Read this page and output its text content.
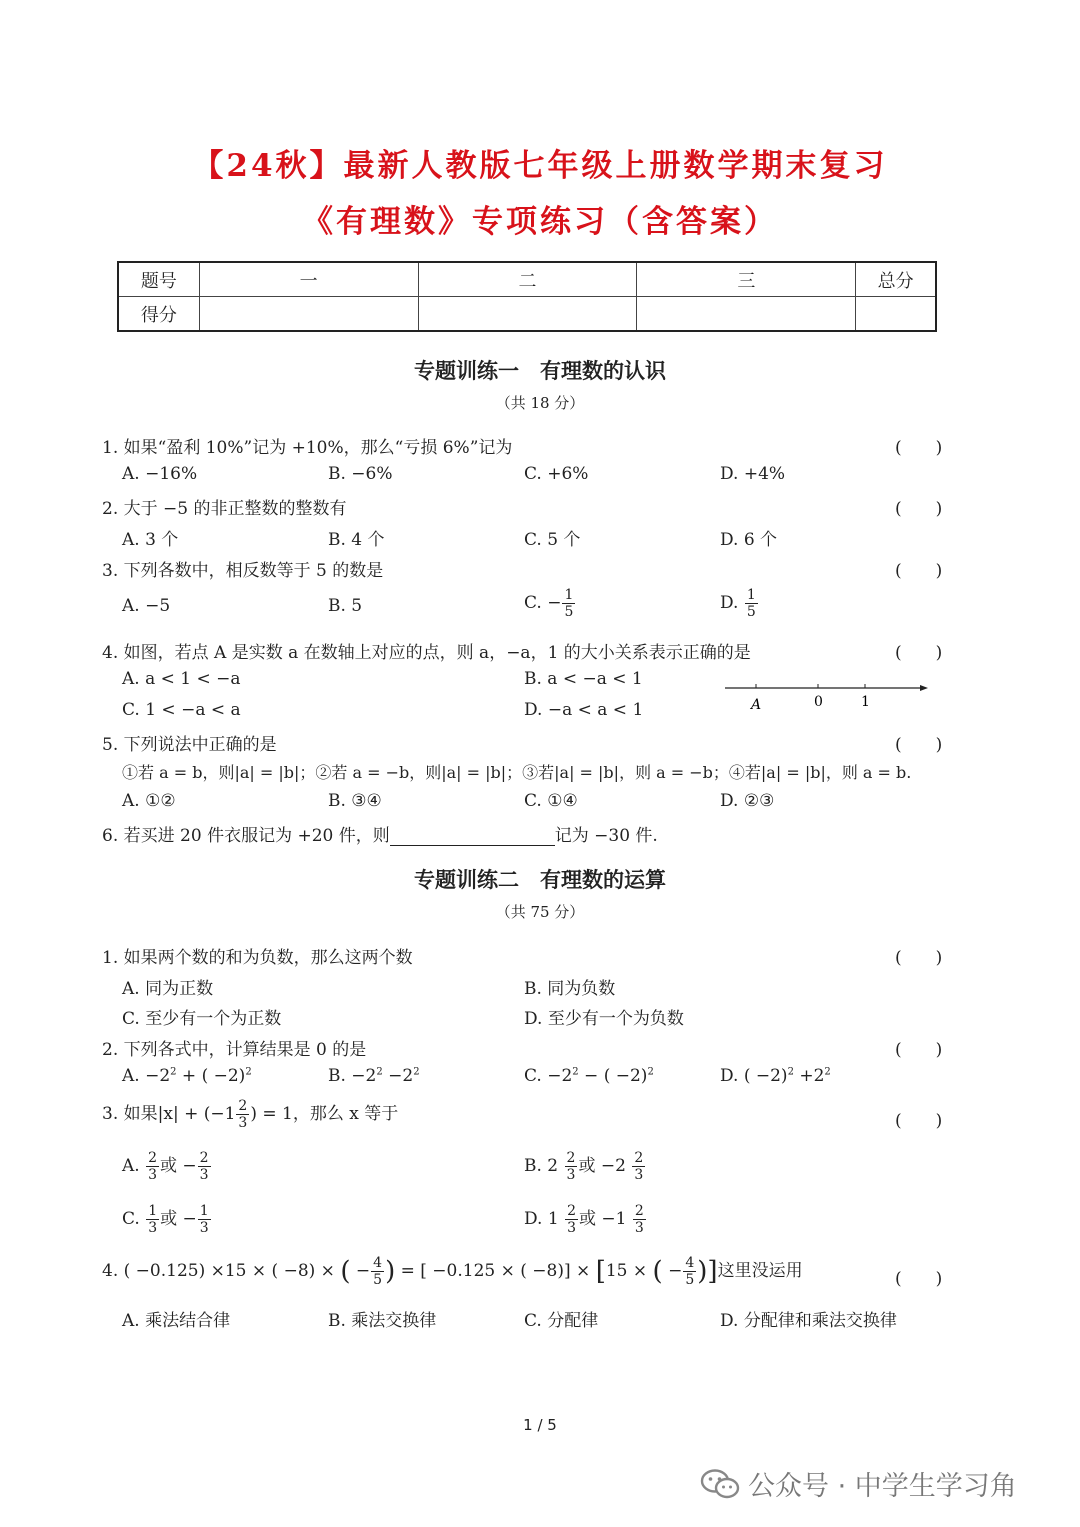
【24秋】最新人教版七年级上册数学期末复习
《有理数》专项练习（含答案）
题号	一	二	三	总分
得分				
专题训练一　有理数的认识
（共 18 分）
1. 如果“盈利 10%”记为 +10%，那么“亏损 6%”记为	(　　)
A. −16%	B. −6%	C. +6%	D. +4%
2. 大于 −5 的非正整数的整数有	(　　)
A. 3 个	B. 4 个	C. 5 个	D. 6 个
3. 下列各数中，相反数等于 5 的数是	(　　)
A. −5	B. 5	C. − $\frac{1}{5}$	D. $\frac{1}{5}$
4. 如图，若点 A 是实数 a 在数轴上对应的点，则 a，−a，1 的大小关系表示正确的是	(　　)
A. a < 1 < −a	B. a < −a < 1
C. 1 < −a < a	D. −a < a < 1	A	0	1
5. 下列说法中正确的是	(　　)
①若 a = b，则|a| = |b|；②若 a = −b，则|a| = |b|；③若|a| = |b|，则 a = −b；④若|a| = |b|，则 a = b.
A. ①②	B. ③④	C. ①④	D. ②③
6. 若买进 20 件衣服记为 +20 件，则	记为 −30 件.
专题训练二　有理数的运算
（共 75 分）
1. 如果两个数的和为负数，那么这两个数	(　　)
A. 同为正数	B. 同为负数
C. 至少有一个为正数	D. 至少有一个为负数
2. 下列各式中，计算结果是 0 的是	(　　)
A. $-2^2$ + ( −2)$^2$	B. $-2^2 -2^2$	C. $-2^2$ − ( −2)$^2$	D. ( $-2)^2 +2^2$
3. 如果$|x| + (-1 \frac{2}{3}$ ) = 1，那么 x 等于	(　　)
A. $\frac{2}{3}$ 或 − $\frac{2}{3}$	B. $2 \frac{2}{3}$ 或 $-2 \frac{2}{3}$
C. $\frac{1}{3}$ 或 − $\frac{1}{3}$	D. $1 \frac{2}{3}$ 或 $-1 \frac{2}{3}$
4. ( −0.125) ×15 × ( −8) × ( − $\frac{4}{5}$ ) = [ −0.125 × ( −8)] × [15 × ( − $\frac{4}{5}$ )]这里没运用	(　　)
A. 乘法结合律	B. 乘法交换律	C. 分配律	D. 分配律和乘法交换律
1 / 5
公众号 · 中学生学习角
